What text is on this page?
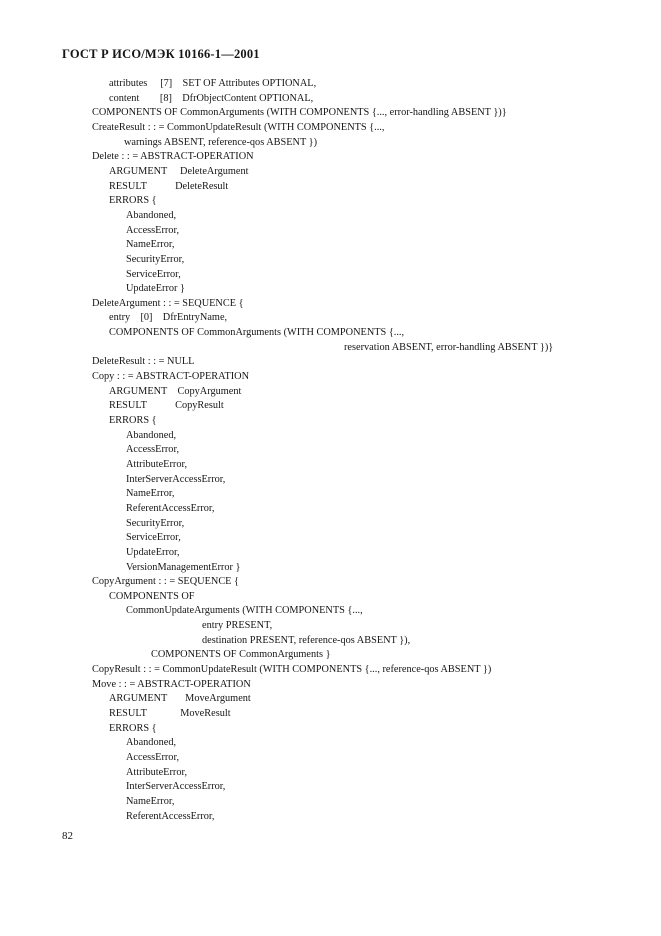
ГОСТ Р ИСО/МЭК 10166-1—2001
attributes     [7]    SET OF Attributes OPTIONAL,
content        [8]    DfrObjectContent OPTIONAL,
COMPONENTS OF CommonArguments (WITH COMPONENTS {..., error-handling ABSENT })}
CreateResult : : = CommonUpdateResult (WITH COMPONENTS {...,
warnings ABSENT, reference-qos ABSENT })
Delete : : = ABSTRACT-OPERATION
ARGUMENT     DeleteArgument
RESULT           DeleteResult
ERRORS {
Abandoned,
AccessError,
NameError,
SecurityError,
ServiceError,
UpdateError }
DeleteArgument : : = SEQUENCE {
entry    [0]    DfrEntryName,
COMPONENTS OF CommonArguments (WITH COMPONENTS {...,
reservation ABSENT, error-handling ABSENT })}
DeleteResult : : = NULL
Copy : : = ABSTRACT-OPERATION
ARGUMENT    CopyArgument
RESULT           CopyResult
ERRORS {
Abandoned,
AccessError,
AttributeError,
InterServerAccessError,
NameError,
ReferentAccessError,
SecurityError,
ServiceError,
UpdateError,
VersionManagementError }
CopyArgument : : = SEQUENCE {
COMPONENTS OF
CommonUpdateArguments (WITH COMPONENTS {...,
entry PRESENT,
destination PRESENT, reference-qos ABSENT }),
COMPONENTS OF CommonArguments }
CopyResult : : = CommonUpdateResult (WITH COMPONENTS {..., reference-qos ABSENT })
Move : : = ABSTRACT-OPERATION
ARGUMENT       MoveArgument
RESULT             MoveResult
ERRORS {
Abandoned,
AccessError,
AttributeError,
InterServerAccessError,
NameError,
ReferentAccessError,
82
